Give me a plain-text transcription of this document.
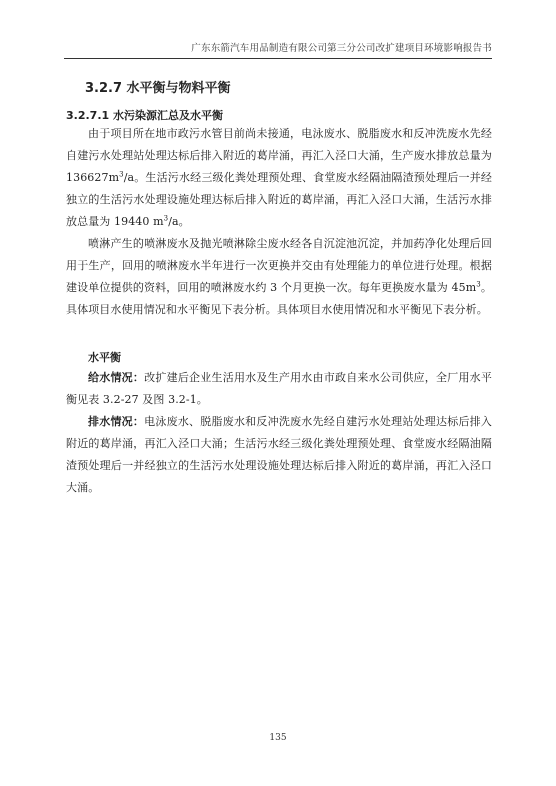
广东东箭汽车用品制造有限公司第三分公司改扩建项目环境影响报告书
3.2.7 水平衡与物料平衡
3.2.7.1 水污染源汇总及水平衡

由于项目所在地市政污水管目前尚未接通，电泳废水、脱脂废水和反冲洗废水先经自建污水处理站处理达标后排入附近的葛岸涌，再汇入泾口大涌，生产废水排放总量为 $136627m^3/a$。生活污水经三级化粪处理预处理、食堂废水经隔油隔渣预处理后一并经独立的生活污水处理设施处理达标后排入附近的葛岸涌，再汇入泾口大涌，生活污水排放总量为 19440 $m^3/a$。

喷淋产生的喷淋废水及抛光喷淋除尘废水经各自沉淀池沉淀，并加药净化处理后回用于生产，回用的喷淋废水半年进行一次更换并交由有处理能力的单位进行处理。根据建设单位提供的资料，回用的喷淋废水约 3 个月更换一次。每年更换废水量为 $45m^3$。具体项目水使用情况和水平衡见下表分析。具体项目水使用情况和水平衡见下表分析。

水平衡

给水情况：改扩建后企业生活用水及生产用水由市政自来水公司供应，全厂用水平衡见表 3.2-27 及图 3.2-1。

排水情况：电泳废水、脱脂废水和反冲洗废水先经自建污水处理站处理达标后排入附近的葛岸涌，再汇入泾口大涌；生活污水经三级化粪处理预处理、食堂废水经隔油隔渣预处理后一并经独立的生活污水处理设施处理达标后排入附近的葛岸涌，再汇入泾口大涌。

135
